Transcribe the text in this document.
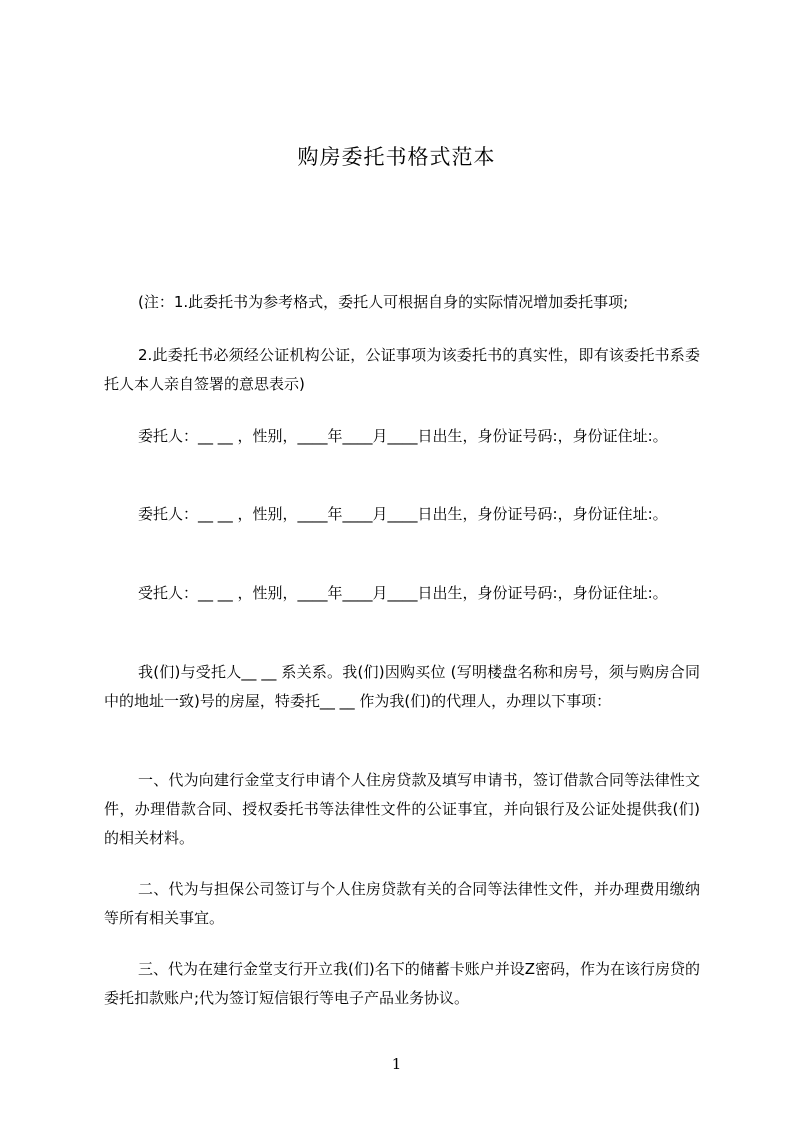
购房委托书格式范本

(注：1.此委托书为参考格式，委托人可根据自身的实际情况增加委托事项;

2.此委托书必须经公证机构公证，公证事项为该委托书的真实性，即有该委托书系委托人本人亲自签署的意思表示)

委托人：__ __ ，性别，____年____月____日出生，身份证号码:，身份证住址:。

委托人：__ __ ，性别，____年____月____日出生，身份证号码:，身份证住址:。

受托人：__ __ ，性别，____年____月____日出生，身份证号码:，身份证住址:。

我(们)与受托人__ __ 系关系。我(们)因购买位 (写明楼盘名称和房号，须与购房合同中的地址一致)号的房屋，特委托__ __ 作为我(们)的代理人，办理以下事项：

一、代为向建行金堂支行申请个人住房贷款及填写申请书，签订借款合同等法律性文件，办理借款合同、授权委托书等法律性文件的公证事宜，并向银行及公证处提供我(们)的相关材料。

二、代为与担保公司签订与个人住房贷款有关的合同等法律性文件，并办理费用缴纳等所有相关事宜。

三、代为在建行金堂支行开立我(们)名下的储蓄卡账户并设Z密码，作为在该行房贷的委托扣款账户;代为签订短信银行等电子产品业务协议。

1
